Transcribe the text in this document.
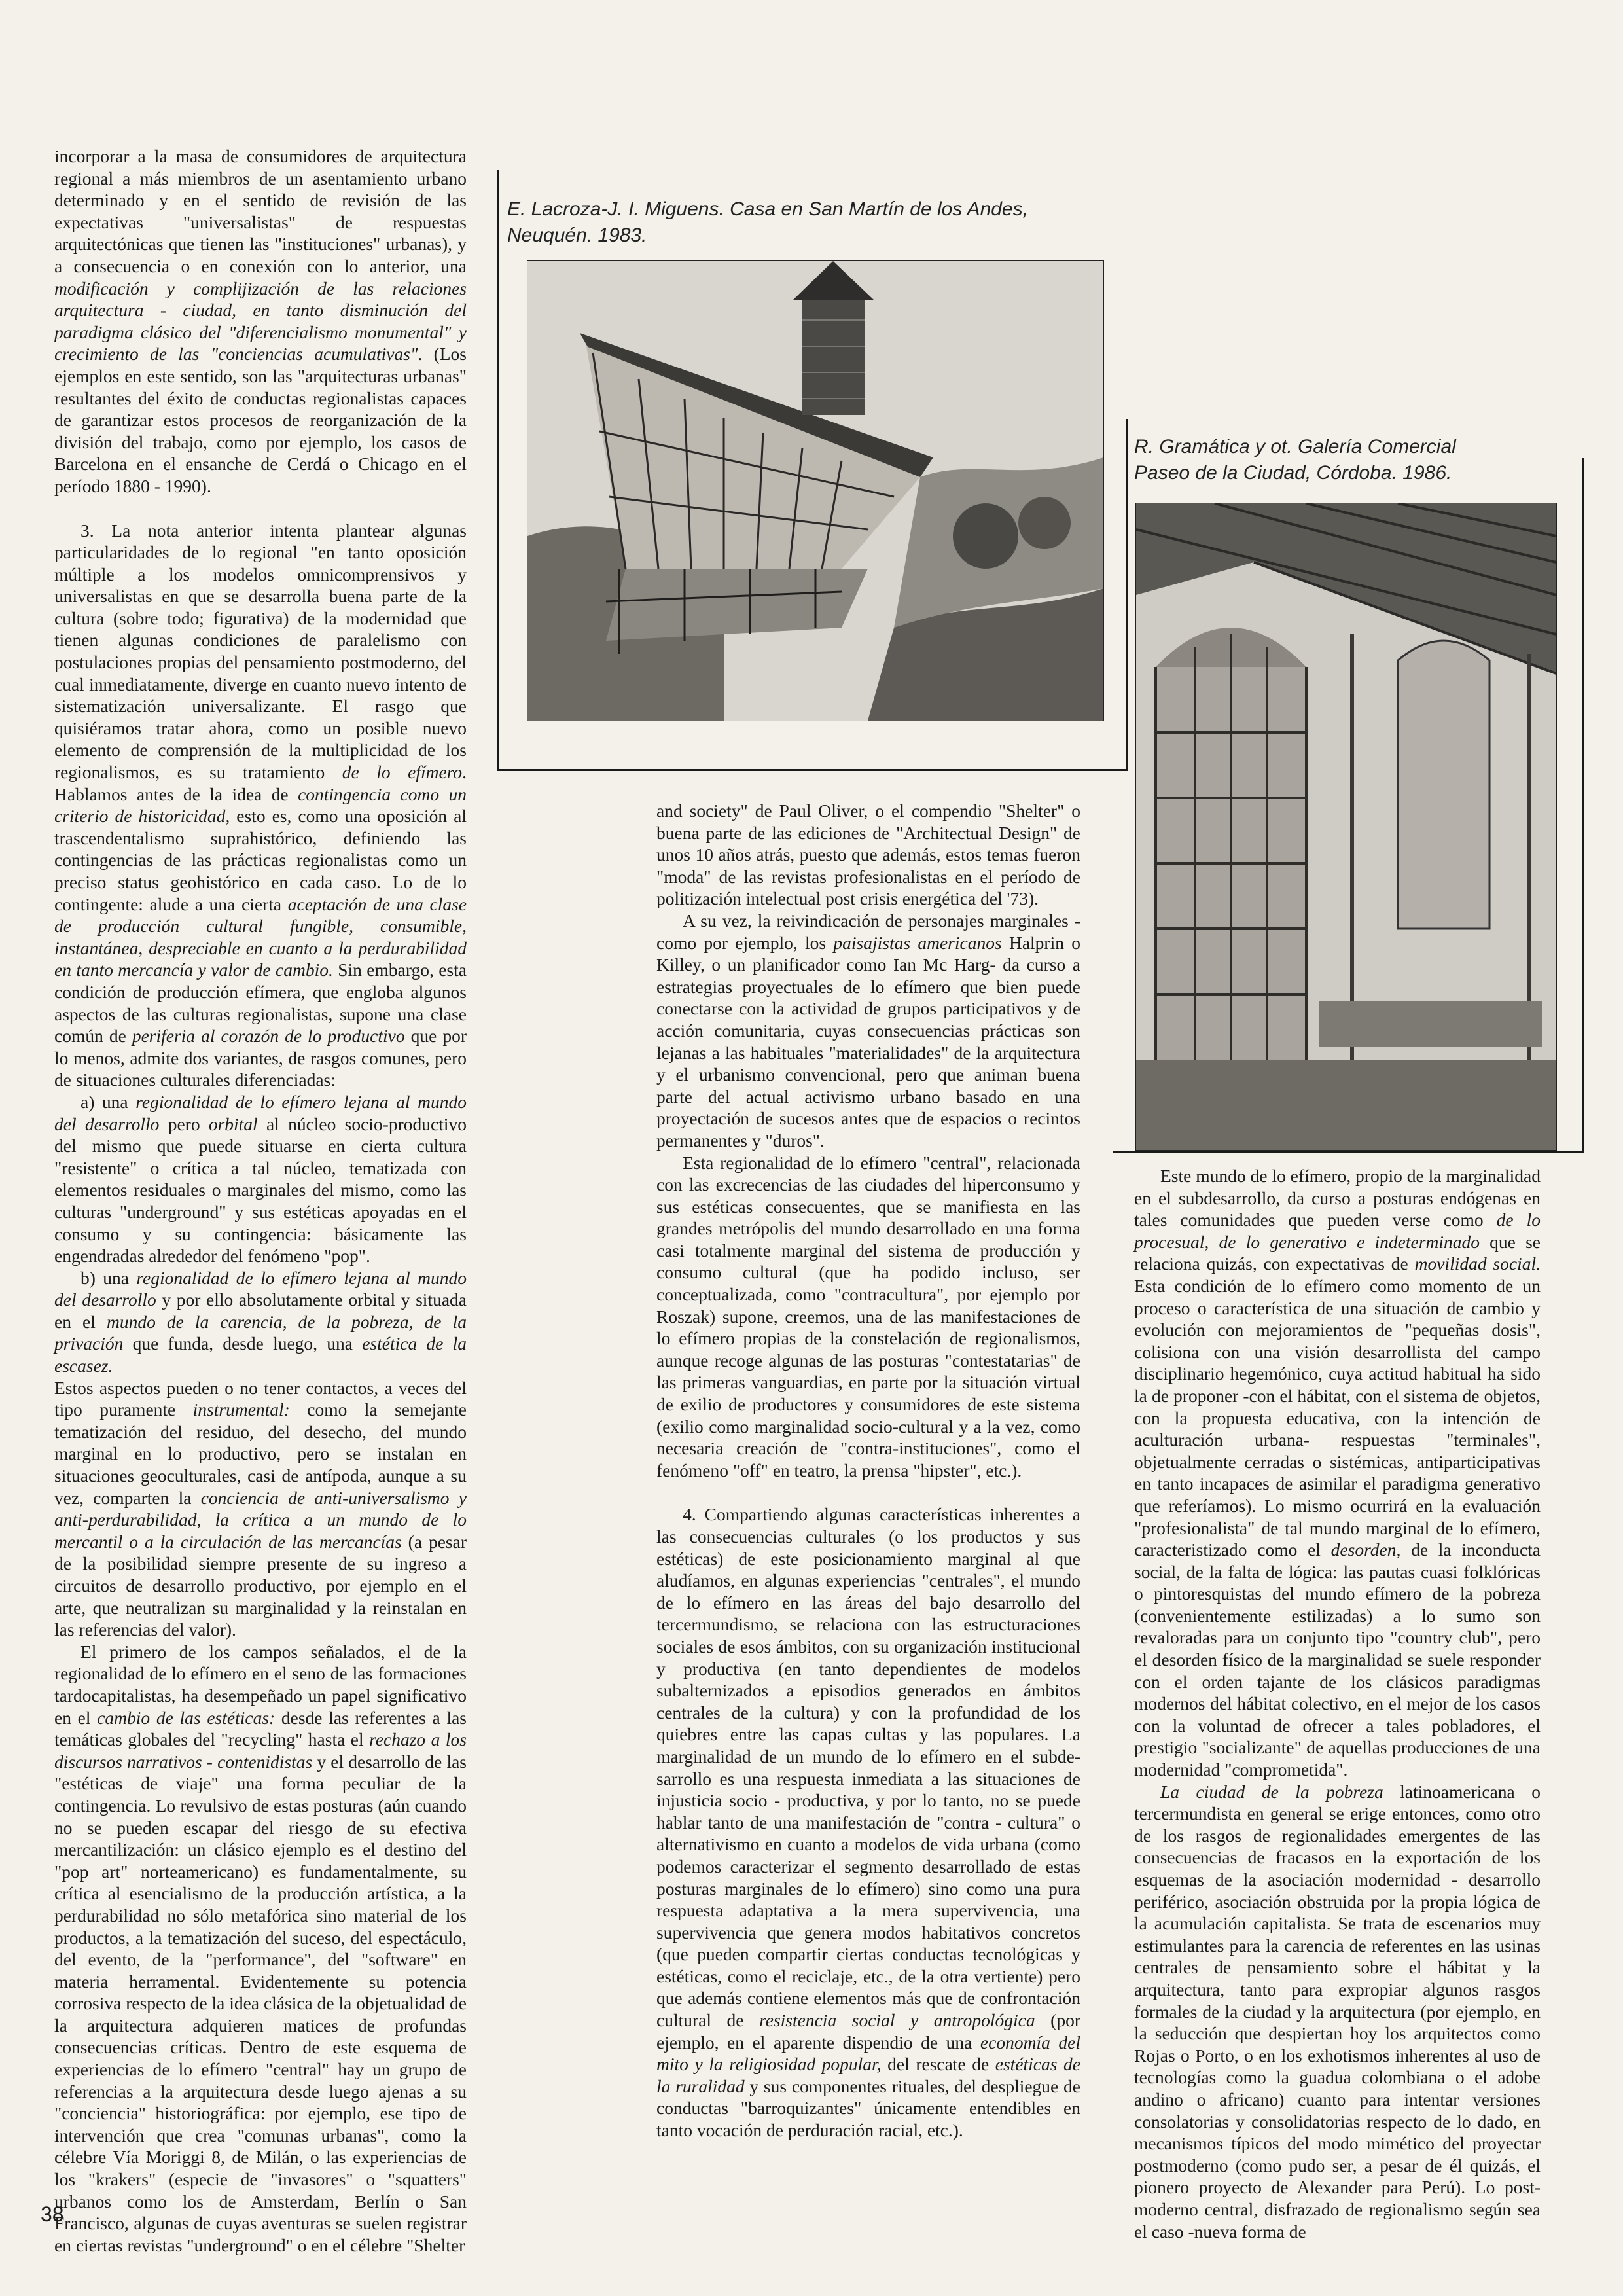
incorporar a la masa de consumidores de arquitectura regional a más miembros de un asentamiento urbano determinado y en el sentido de revisión de las expectativas "universalistas" de respuestas arquitectónicas que tienen las "instituciones" urbanas), y a consecuencia o en conexión con lo anterior, una modificación y complijización de las relaciones arquitectura - ciudad, en tanto disminución del paradigma clásico del "diferencialismo monumental" y crecimiento de las "conciencias acumulativas". (Los ejemplos en este sentido, son las "arquitecturas urbanas" resultantes del éxito de conductas regionalistas capaces de garantizar estos procesos de reorganización de la división del trabajo, como por ejemplo, los casos de Barcelona en el ensanche de Cerdá o Chicago en el período 1880 - 1990).

3. La nota anterior intenta plantear algunas particularidades de lo regional "en tanto oposición múltiple a los modelos omnicomprensivos y universalistas en que se desarrolla buena parte de la cultura (sobre todo; figurativa) de la modernidad que tienen algunas condiciones de paralelismo con postulaciones propias del pensamiento postmoderno, del cual inmediatamente, diverge en cuanto nuevo intento de sistematización universalizante. El rasgo que quisiéramos tratar ahora, como un posible nuevo elemento de comprensión de la multiplicidad de los regionalismos, es su tratamiento de lo efímero. Hablamos antes de la idea de contingencia como un criterio de historicidad, esto es, como una oposición al trascendentalismo suprahistórico, definiendo las contingencias de las prácticas regionalistas como un preciso status geohistórico en cada caso. Lo de lo contingente: alude a una cierta aceptación de una clase de producción cultural fungible, consumible, instantánea, despreciable en cuanto a la perdurabilidad en tanto mercancía y valor de cambio. Sin embargo, esta condición de producción efímera, que engloba algunos aspectos de las culturas regionalistas, supone una clase común de periferia al corazón de lo productivo que por lo menos, admite dos variantes, de rasgos comunes, pero de situaciones culturales diferenciadas:

a) una regionalidad de lo efímero lejana al mundo del desarrollo pero orbital al núcleo socio-productivo del mismo que puede situarse en cierta cultura "resistente" o crítica a tal núcleo, tematizada con elementos residuales o marginales del mismo, como las culturas "underground" y sus estéticas apoyadas en el consumo y su contingencia: básicamente las engendradas alrededor del fenómeno "pop".

b) una regionalidad de lo efímero lejana al mundo del desarrollo y por ello absolutamente orbital y situada en el mundo de la carencia, de la pobreza, de la privación que funda, desde luego, una estética de la escasez.

Estos aspectos pueden o no tener contactos, a veces del tipo puramente instrumental: como la semejante tematización del residuo, del desecho, del mundo marginal en lo productivo, pero se instalan en situaciones geoculturales, casi de antípoda, aunque a su vez, comparten la conciencia de anti-universalismo y anti-perdurabilidad, la crítica a un mundo de lo mercantil o a la circulación de las mercancías (a pesar de la posibilidad siempre presente de su ingreso a circuitos de desarrollo productivo, por ejemplo en el arte, que neutralizan su marginalidad y la reinstalan en las referencias del valor).

El primero de los campos señalados, el de la regionalidad de lo efímero en el seno de las formaciones tardocapitalistas, ha desempeñado un papel significativo en el cambio de las estéticas: desde las referentes a las temáticas globales del "recycling" hasta el rechazo a los discursos narrativos - contenidistas y el desarrollo de las "estéticas de viaje" una forma peculiar de la contingencia. Lo revulsivo de estas posturas (aún cuando no se pueden escapar del riesgo de su efectiva mercantilización: un clásico ejemplo es el destino del "pop art" norteamericano) es fundamentalmente, su crítica al esencialismo de la producción artística, a la perdurabilidad no sólo metafórica sino material de los productos, a la tematización del suceso, del espectáculo, del evento, de la "performance", del "software" en materia herramental. Evidentemente su potencia corrosiva respecto de la idea clásica de la objetualidad de la arquitectura adquieren matices de profundas consecuencias críticas. Dentro de este esquema de experiencias de lo efímero "central" hay un grupo de referencias a la arquitectura desde luego ajenas a su "conciencia" historiográfica: por ejemplo, ese tipo de intervención que crea "comunas urbanas", como la célebre Vía Moriggi 8, de Milán, o las experiencias de los "krakers" (especie de "invasores" o "squatters" urbanos como los de Amsterdam, Berlín o San Francisco, algunas de cuyas aventuras se suelen registrar en ciertas revistas "underground" o en el célebre "Shelter

E. Lacroza-J. I. Miguens. Casa en San Martín de los Andes, Neuquén. 1983.
R. Gramática y ot. Galería Comercial
Paseo de la Ciudad, Córdoba. 1986.

and society" de Paul Oliver, o el compendio "Shelter" o buena parte de las ediciones de "Architectual Design" de unos 10 años atrás, puesto que además, estos temas fueron "moda" de las revistas profesionalistas en el período de politización intelectual post crisis energética del '73).

A su vez, la reivindicación de personajes marginales -como por ejemplo, los paisajistas americanos Halprin o Killey, o un planificador como Ian Mc Harg- da curso a estrategias proyectuales de lo efímero que bien puede conectarse con la actividad de grupos participativos y de acción comunitaria, cuyas consecuencias prácticas son lejanas a las habituales "materialidades" de la arquitectura y el urbanismo convencional, pero que animan buena parte del actual activismo urbano basado en una proyectación de sucesos antes que de espacios o recintos permanentes y "duros".

Esta regionalidad de lo efímero "central", relacionada con las excrecencias de las ciudades del hiperconsumo y sus estéticas consecuentes, que se manifiesta en las grandes metrópolis del mundo desarrollado en una forma casi totalmente marginal del sistema de producción y consumo cultural (que ha podido incluso, ser conceptualizada, como "contracultura", por ejemplo por Roszak) supone, creemos, una de las manifestaciones de lo efímero propias de la constelación de regionalismos, aunque recoge algunas de las posturas "contestatarias" de las primeras vanguardias, en parte por la situación virtual de exilio de productores y consumidores de este sistema (exilio como marginalidad socio-cultural y a la vez, como necesaria creación de "contra-instituciones", como el fenómeno "off" en teatro, la prensa "hipster", etc.).

4. Compartiendo algunas características inherentes a las consecuencias culturales (o los productos y sus estéticas) de este posicionamiento marginal al que aludíamos, en algunas experiencias "centrales", el mundo de lo efímero en las áreas del bajo desarrollo del tercermundismo, se relaciona con las estructuraciones sociales de esos ámbitos, con su organización institucional y productiva (en tanto dependientes de modelos subalternizados a episodios generados en ámbitos centrales de la cultura) y con la profundidad de los quiebres entre las capas cultas y las populares. La marginalidad de un mundo de lo efímero en el subde-sarrollo es una respuesta inmediata a las situaciones de injusticia socio - productiva, y por lo tanto, no se puede hablar tanto de una manifestación de "contra - cultura" o alternativismo en cuanto a modelos de vida urbana (como podemos caracterizar el segmento desarrollado de estas posturas marginales de lo efímero) sino como una pura respuesta adaptativa a la mera supervivencia, una supervivencia que genera modos habitativos concretos (que pueden compartir ciertas conductas tecnológicas y estéticas, como el reciclaje, etc., de la otra vertiente) pero que además contiene elementos más que de confrontación cultural de resistencia social y antropológica (por ejemplo, en el aparente dispendio de una economía del mito y la religiosidad popular, del rescate de estéticas de la ruralidad y sus componentes rituales, del despliegue de conductas "barroquizantes" únicamente entendibles en tanto vocación de perduración racial, etc.).

Este mundo de lo efímero, propio de la marginalidad en el subdesarrollo, da curso a posturas endógenas en tales comunidades que pueden verse como de lo procesual, de lo generativo e indeterminado que se relaciona quizás, con expectativas de movilidad social. Esta condición de lo efímero como momento de un proceso o característica de una situación de cambio y evolución con mejoramientos de "pequeñas dosis", colisiona con una visión desarrollista del campo disciplinario hegemónico, cuya actitud habitual ha sido la de proponer -con el hábitat, con el sistema de objetos, con la propuesta educativa, con la intención de aculturación urbana- respuestas "terminales", objetualmente cerradas o sistémicas, antiparticipativas en tanto incapaces de asimilar el paradigma generativo que referíamos). Lo mismo ocurrirá en la evaluación "profesionalista" de tal mundo marginal de lo efímero, caracteristizado como el desorden, de la inconducta social, de la falta de lógica: las pautas cuasi folklóricas o pintoresquistas del mundo efímero de la pobreza (convenientemente estilizadas) a lo sumo son revaloradas para un conjunto tipo "country club", pero el desorden físico de la marginalidad se suele responder con el orden tajante de los clásicos paradigmas modernos del hábitat colectivo, en el mejor de los casos con la voluntad de ofrecer a tales pobladores, el prestigio "socializante" de aquellas producciones de una modernidad "comprometida".

La ciudad de la pobreza latinoamericana o tercermundista en general se erige entonces, como otro de los rasgos de regionalidades emergentes de las consecuencias de fracasos en la exportación de los esquemas de la asociación modernidad - desarrollo periférico, asociación obstruida por la propia lógica de la acumulación capitalista. Se trata de escenarios muy estimulantes para la carencia de referentes en las usinas centrales de pensamiento sobre el hábitat y la arquitectura, tanto para expropiar algunos rasgos formales de la ciudad y la arquitectura (por ejemplo, en la seducción que despiertan hoy los arquitectos como Rojas o Porto, o en los exhotismos inherentes al uso de tecnologías como la guadua colombiana o el adobe andino o africano) cuanto para intentar versiones consolatorias y consolidatorias respecto de lo dado, en mecanismos típicos del modo mimético del proyectar postmoderno (como pudo ser, a pesar de él quizás, el pionero proyecto de Alexander para Perú). Lo post-moderno central, disfrazado de regionalismo según sea el caso -nueva forma de

38
